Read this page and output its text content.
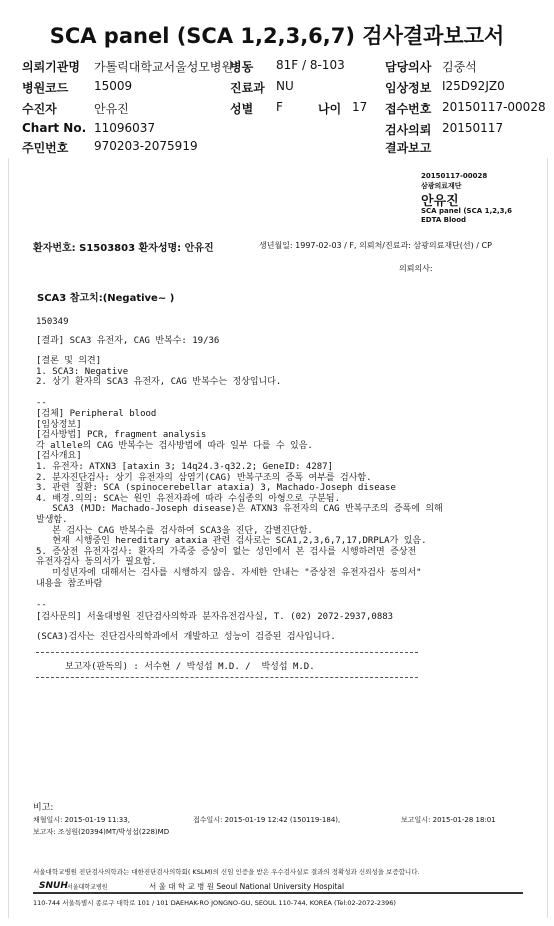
SCA panel (SCA 1,2,3,6,7) 검사결과보고서
의뢰기관명 가톨릭대학교서울성모병원
병동 81F / 8-103	담당의사 김중석
병원코드 15009	진료과 NU	임상정보 I25D92JZ0
수진자	안유진	성별 F	나이 17 접수번호 20150117-00028
Chart No. 11096037	검사의뢰 20150117
주민번호 970203-2075919	결과보고
20150117-00028
삼광의료재단
안유진
SCA panel (SCA 1,2,3,6
EDTA Blood
환자번호: S1503803 환자성명: 안유진	생년월일: 1997-02-03 / F, 의뢰처/진료과: 삼광의료재단(선) / CP
의뢰의사:
SCA3 참고치:(Negative~ )
150349
[결과] SCA3 유전자, CAG 반복수: 19/36
[결론 및 의견]
1. SCA3: Negative
2. 상기 환자의 SCA3 유전자, CAG 반복수는 정상입니다.
--
[검체] Peripheral blood
[임상정보]
[검사방법] PCR, fragment analysis
각 allele의 CAG 반복수는 검사방법에 따라 일부 다를 수 있음.
[검사개요]
1. 유전자: ATXN3 [ataxin 3; 14q24.3-q32.2; GeneID: 4287]
2. 분자진단검사: 상기 유전자의 삼염기(CAG) 반복구조의 증폭 여부를 검사함.
3. 관련 질환: SCA (spinocerebellar ataxia) 3, Machado-Joseph disease
4. 배경.의의: SCA는 원인 유전자좌에 따라 수십종의 아형으로 구분됨.
SCA3 (MJD: Machado-Joseph disease)은 ATXN3 유전자의 CAG 반복구조의 증폭에 의해
발생함.
본 검사는 CAG 반복수를 검사하여 SCA3을 진단, 감별진단함.
현재 시행중인 hereditary ataxia 관련 검사로는 SCA1,2,3,6,7,17,DRPLA가 있음.
5. 증상전 유전자검사: 환자의 가족중 증상이 없는 성인에서 본 검사를 시행하려면 증상전
유전자검사 동의서가 필요함.
미성년자에 대해서는 검사를 시행하지 않음. 자세한 안내는 "증상전 유전자검사 동의서"
내용을 참조바람
--
[검사문의] 서울대병원 진단검사의학과 분자유전검사실, T. (02) 2072-2937,0883
(SCA3)검사는 진단검사의학과에서 개발하고 성능이 검증된 검사입니다.
보고자(판독의) : 서수현 / 박성섭 M.D. /  박성섭 M.D.
비고:
채혈일시: 2015-01-19 11:33,	접수일시: 2015-01-19 12:42 (150119-184),	보고일시: 2015-01-28 18:01
보고자: 조성원(20394)MT/박성섭(228)MD
서울대학교병원 진단검사의학과는 대한진단검사의학회( KSLM)의 신임 인증을 받은 우수검사실로 결과의 정확성과 신뢰성을 보증합니다.
SNUH 서울대학교병원	서 울 대 학 교 병 원 Seoul National University Hospital
110-744 서울특별시 종로구 대학로 101 / 101 DAEHAK-RO JONGNO-GU, SEOUL 110-744, KOREA (Tel:02-2072-2396)
